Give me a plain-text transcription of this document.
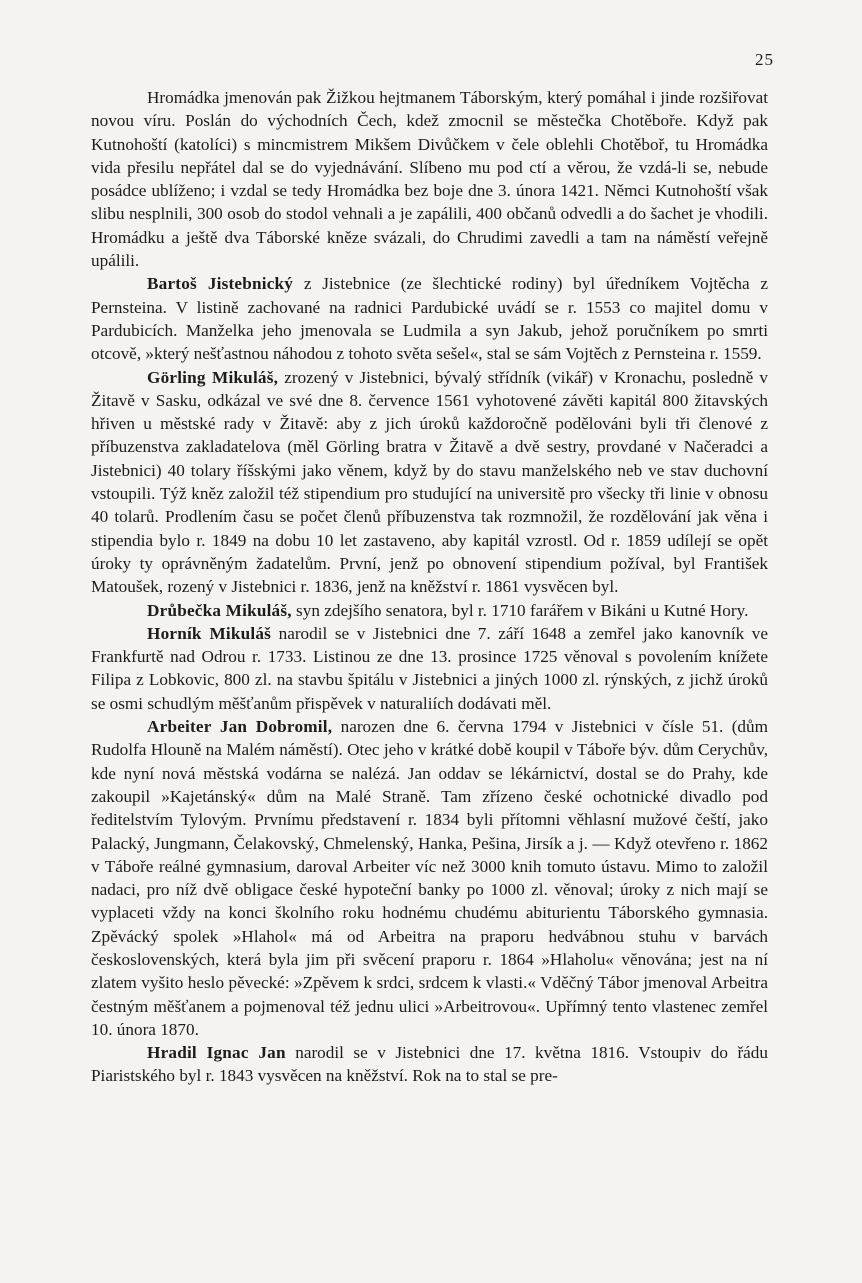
25

Hromádka jmenován pak Žižkou hejtmanem Táborským, který pomáhal i jinde rozšiřovat novou víru. Poslán do východních Čech, kdež zmocnil se městečka Chotěboře. Když pak Kutnohoští (katolíci) s mincmistrem Mikšem Divůčkem v čele oblehli Chotěboř, tu Hromádka vida přesilu nepřátel dal se do vyjednávání. Slíbeno mu pod ctí a věrou, že vzdá-li se, nebude posádce ublíženo; i vzdal se tedy Hromádka bez boje dne 3. února 1421. Němci Kutnohoští však slibu nesplnili, 300 osob do stodol vehnali a je zapálili, 400 občanů odvedli a do šachet je vhodili. Hromádku a ještě dva Táborské kněze svázali, do Chrudimi zavedli a tam na náměstí veřejně upálili.

Bartoš Jistebnický z Jistebnice (ze šlechtické rodiny) byl úředníkem Vojtěcha z Pernsteina. V listině zachované na radnici Pardubické uvádí se r. 1553 co majitel domu v Pardubicích. Manželka jeho jmenovala se Ludmila a syn Jakub, jehož poručníkem po smrti otcově, »který nešťastnou náhodou z tohoto světa sešel«, stal se sám Vojtěch z Pernsteina r. 1559.

Görling Mikuláš, zrozený v Jistebnici, bývalý střídník (vikář) v Kronachu, posledně v Žitavě v Sasku, odkázal ve své dne 8. července 1561 vyhotovené závěti kapitál 800 žitavských hřiven u městské rady v Žitavě: aby z jich úroků každoročně podělováni byli tři členové z příbuzenstva zakladatelova (měl Görling bratra v Žitavě a dvě sestry, provdané v Načeradci a Jistebnici) 40 tolary říšskými jako věnem, když by do stavu manželského neb ve stav duchovní vstoupili. Týž kněz založil též stipendium pro studující na universitě pro všecky tři linie v obnosu 40 tolarů. Prodlením času se počet členů příbuzenstva tak rozmnožil, že rozdělování jak věna i stipendia bylo r. 1849 na dobu 10 let zastaveno, aby kapitál vzrostl. Od r. 1859 udílejí se opět úroky ty oprávněným žadatelům. První, jenž po obnovení stipendium požíval, byl František Matoušek, rozený v Jistebnici r. 1836, jenž na kněžství r. 1861 vysvěcen byl.

Drůbečka Mikuláš, syn zdejšího senatora, byl r. 1710 farářem v Bikáni u Kutné Hory.

Horník Mikuláš narodil se v Jistebnici dne 7. září 1648 a zemřel jako kanovník ve Frankfurtě nad Odrou r. 1733. Listinou ze dne 13. prosince 1725 věnoval s povolením knížete Filipa z Lobkovic, 800 zl. na stavbu špitálu v Jistebnici a jiných 1000 zl. rýnských, z jichž úroků se osmi schudlým měšťanům přispěvek v naturaliích dodávati měl.

Arbeiter Jan Dobromil, narozen dne 6. června 1794 v Jistebnici v čísle 51. (dům Rudolfa Hlouně na Malém náměstí). Otec jeho v krátké době koupil v Táboře býv. dům Cerychův, kde nyní nová městská vodárna se nalézá. Jan oddav se lékárnictví, dostal se do Prahy, kde zakoupil »Kajetánský« dům na Malé Straně. Tam zřízeno české ochotnické divadlo pod ředitelstvím Tylovým. Prvnímu představení r. 1834 byli přítomni věhlasní mužové čeští, jako Palacký, Jungmann, Čelakovský, Chmelenský, Hanka, Pešina, Jirsík a j. — Když otevřeno r. 1862 v Táboře reálné gymnasium, daroval Arbeiter víc než 3000 knih tomuto ústavu. Mimo to založil nadaci, pro níž dvě obligace české hypoteční banky po 1000 zl. věnoval; úroky z nich mají se vyplaceti vždy na konci školního roku hodnému chudému abiturientu Táborského gymnasia. Zpěvácký spolek »Hlahol« má od Arbeitra na praporu hedvábnou stuhu v barvách československých, která byla jim při svěcení praporu r. 1864 »Hlaholu« věnována; jest na ní zlatem vyšito heslo pěvecké: »Zpěvem k srdci, srdcem k vlasti.« Vděčný Tábor jmenoval Arbeitra čestným měšťanem a pojmenoval též jednu ulici »Arbeitrovou«. Upřímný tento vlastenec zemřel 10. února 1870.

Hradil Ignac Jan narodil se v Jistebnici dne 17. května 1816. Vstoupiv do řádu Piaristského byl r. 1843 vysvěcen na kněžství. Rok na to stal se pre-
